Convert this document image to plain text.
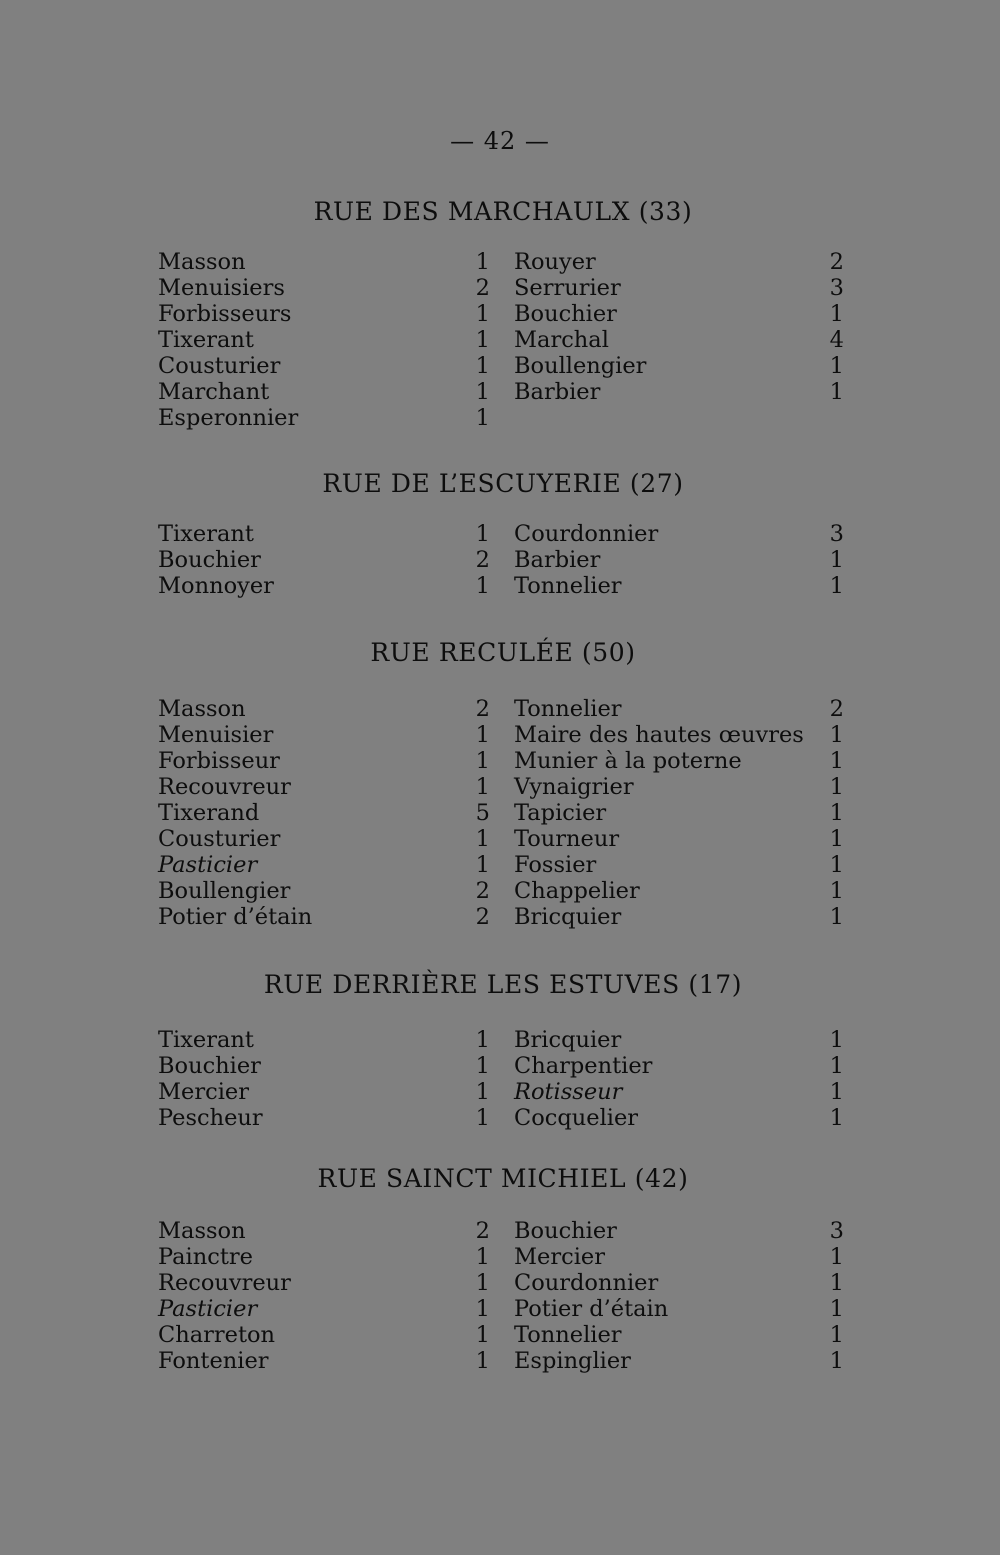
— 42 —
RUE DES MARCHAULX (33)
Masson	1 Rouyer	2
Menuisiers	2 Serrurier	3
Forbisseurs	1 Bouchier	1
Tixerant	1 Marchal	4
Cousturier	1 Boullengier	1
Marchant	1 Barbier	1
Esperonnier	1
RUE DE L’ESCUYERIE (27)
Tixerant	1 Courdonnier	3
Bouchier	2 Barbier	1
Monnoyer	1 Tonnelier	1
RUE RECULÉE (50)
Masson	2 Tonnelier	2
Menuisier	1 Maire des hautes œuvres	1
Forbisseur	1 Munier à la poterne	1
Recouvreur	1 Vynaigrier	1
Tixerand	5 Tapicier	1
Cousturier	1 Tourneur	1
Pasticier	1 Fossier	1
Boullengier	2 Chappelier	1
Potier d’étain	2 Bricquier	1
RUE DERRIÈRE LES ESTUVES (17)
Tixerant	1 Bricquier	1
Bouchier	1 Charpentier	1
Mercier	1 Rotisseur	1
Pescheur	1 Cocquelier	1
RUE SAINCT MICHIEL (42)
Masson	2 Bouchier	3
Painctre	1 Mercier	1
Recouvreur	1 Courdonnier	1
Pasticier	1 Potier d’étain	1
Charreton	1 Tonnelier	1
Fontenier	1 Espinglier	1
